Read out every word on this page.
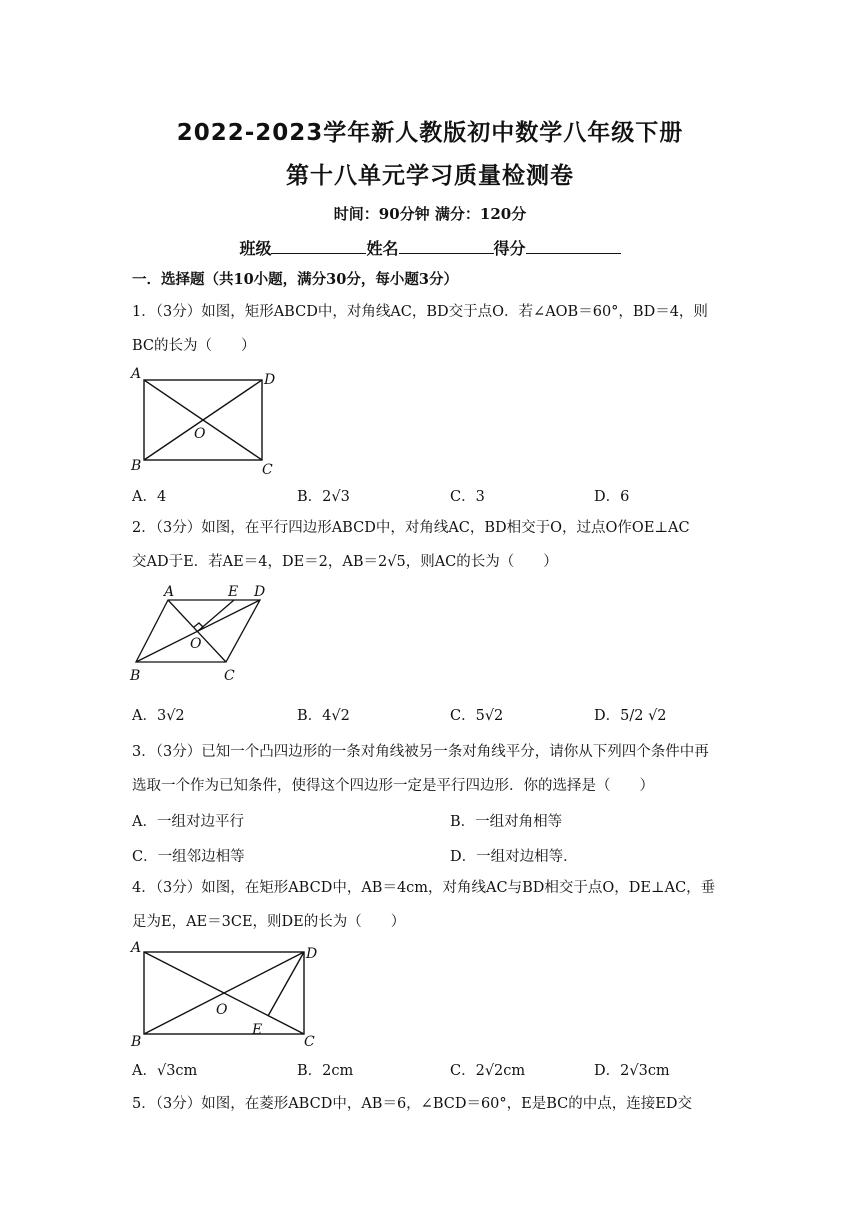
2022-2023学年新人教版初中数学八年级下册
第十八单元学习质量检测卷
时间：90分钟 满分：120分
班级	姓名	得分
一．选择题（共10小题，满分30分，每小题3分）
1．（3分）如图，矩形ABCD中，对角线AC，BD交于点O．若∠AOB＝60°，BD＝4，则
BC的长为（　　）
A	D
O
B	C
A．4	B．2√3	C．3	D．6
2．（3分）如图，在平行四边形ABCD中，对角线AC，BD相交于O，过点O作OE⊥AC
交AD于E．若AE＝4，DE＝2，AB＝2√5，则AC的长为（　　）
A	E D
O
B	C
A．3√2	B．4√2	C．5√2	D．5/2 √2
3．（3分）已知一个凸四边形的一条对角线被另一条对角线平分，请你从下列四个条件中再
选取一个作为已知条件，使得这个四边形一定是平行四边形．你的选择是（　　）
A．一组对边平行	B．一组对角相等
C．一组邻边相等	D．一组对边相等．
4．（3分）如图，在矩形ABCD中，AB＝4cm，对角线AC与BD相交于点O，DE⊥AC，垂
足为E，AE＝3CE，则DE的长为（　　）
A	D
O
E
B	C
A．√3cm	B．2cm	C．2√2cm	D．2√3cm
5．（3分）如图，在菱形ABCD中，AB＝6，∠BCD＝60°，E是BC的中点，连接ED交
